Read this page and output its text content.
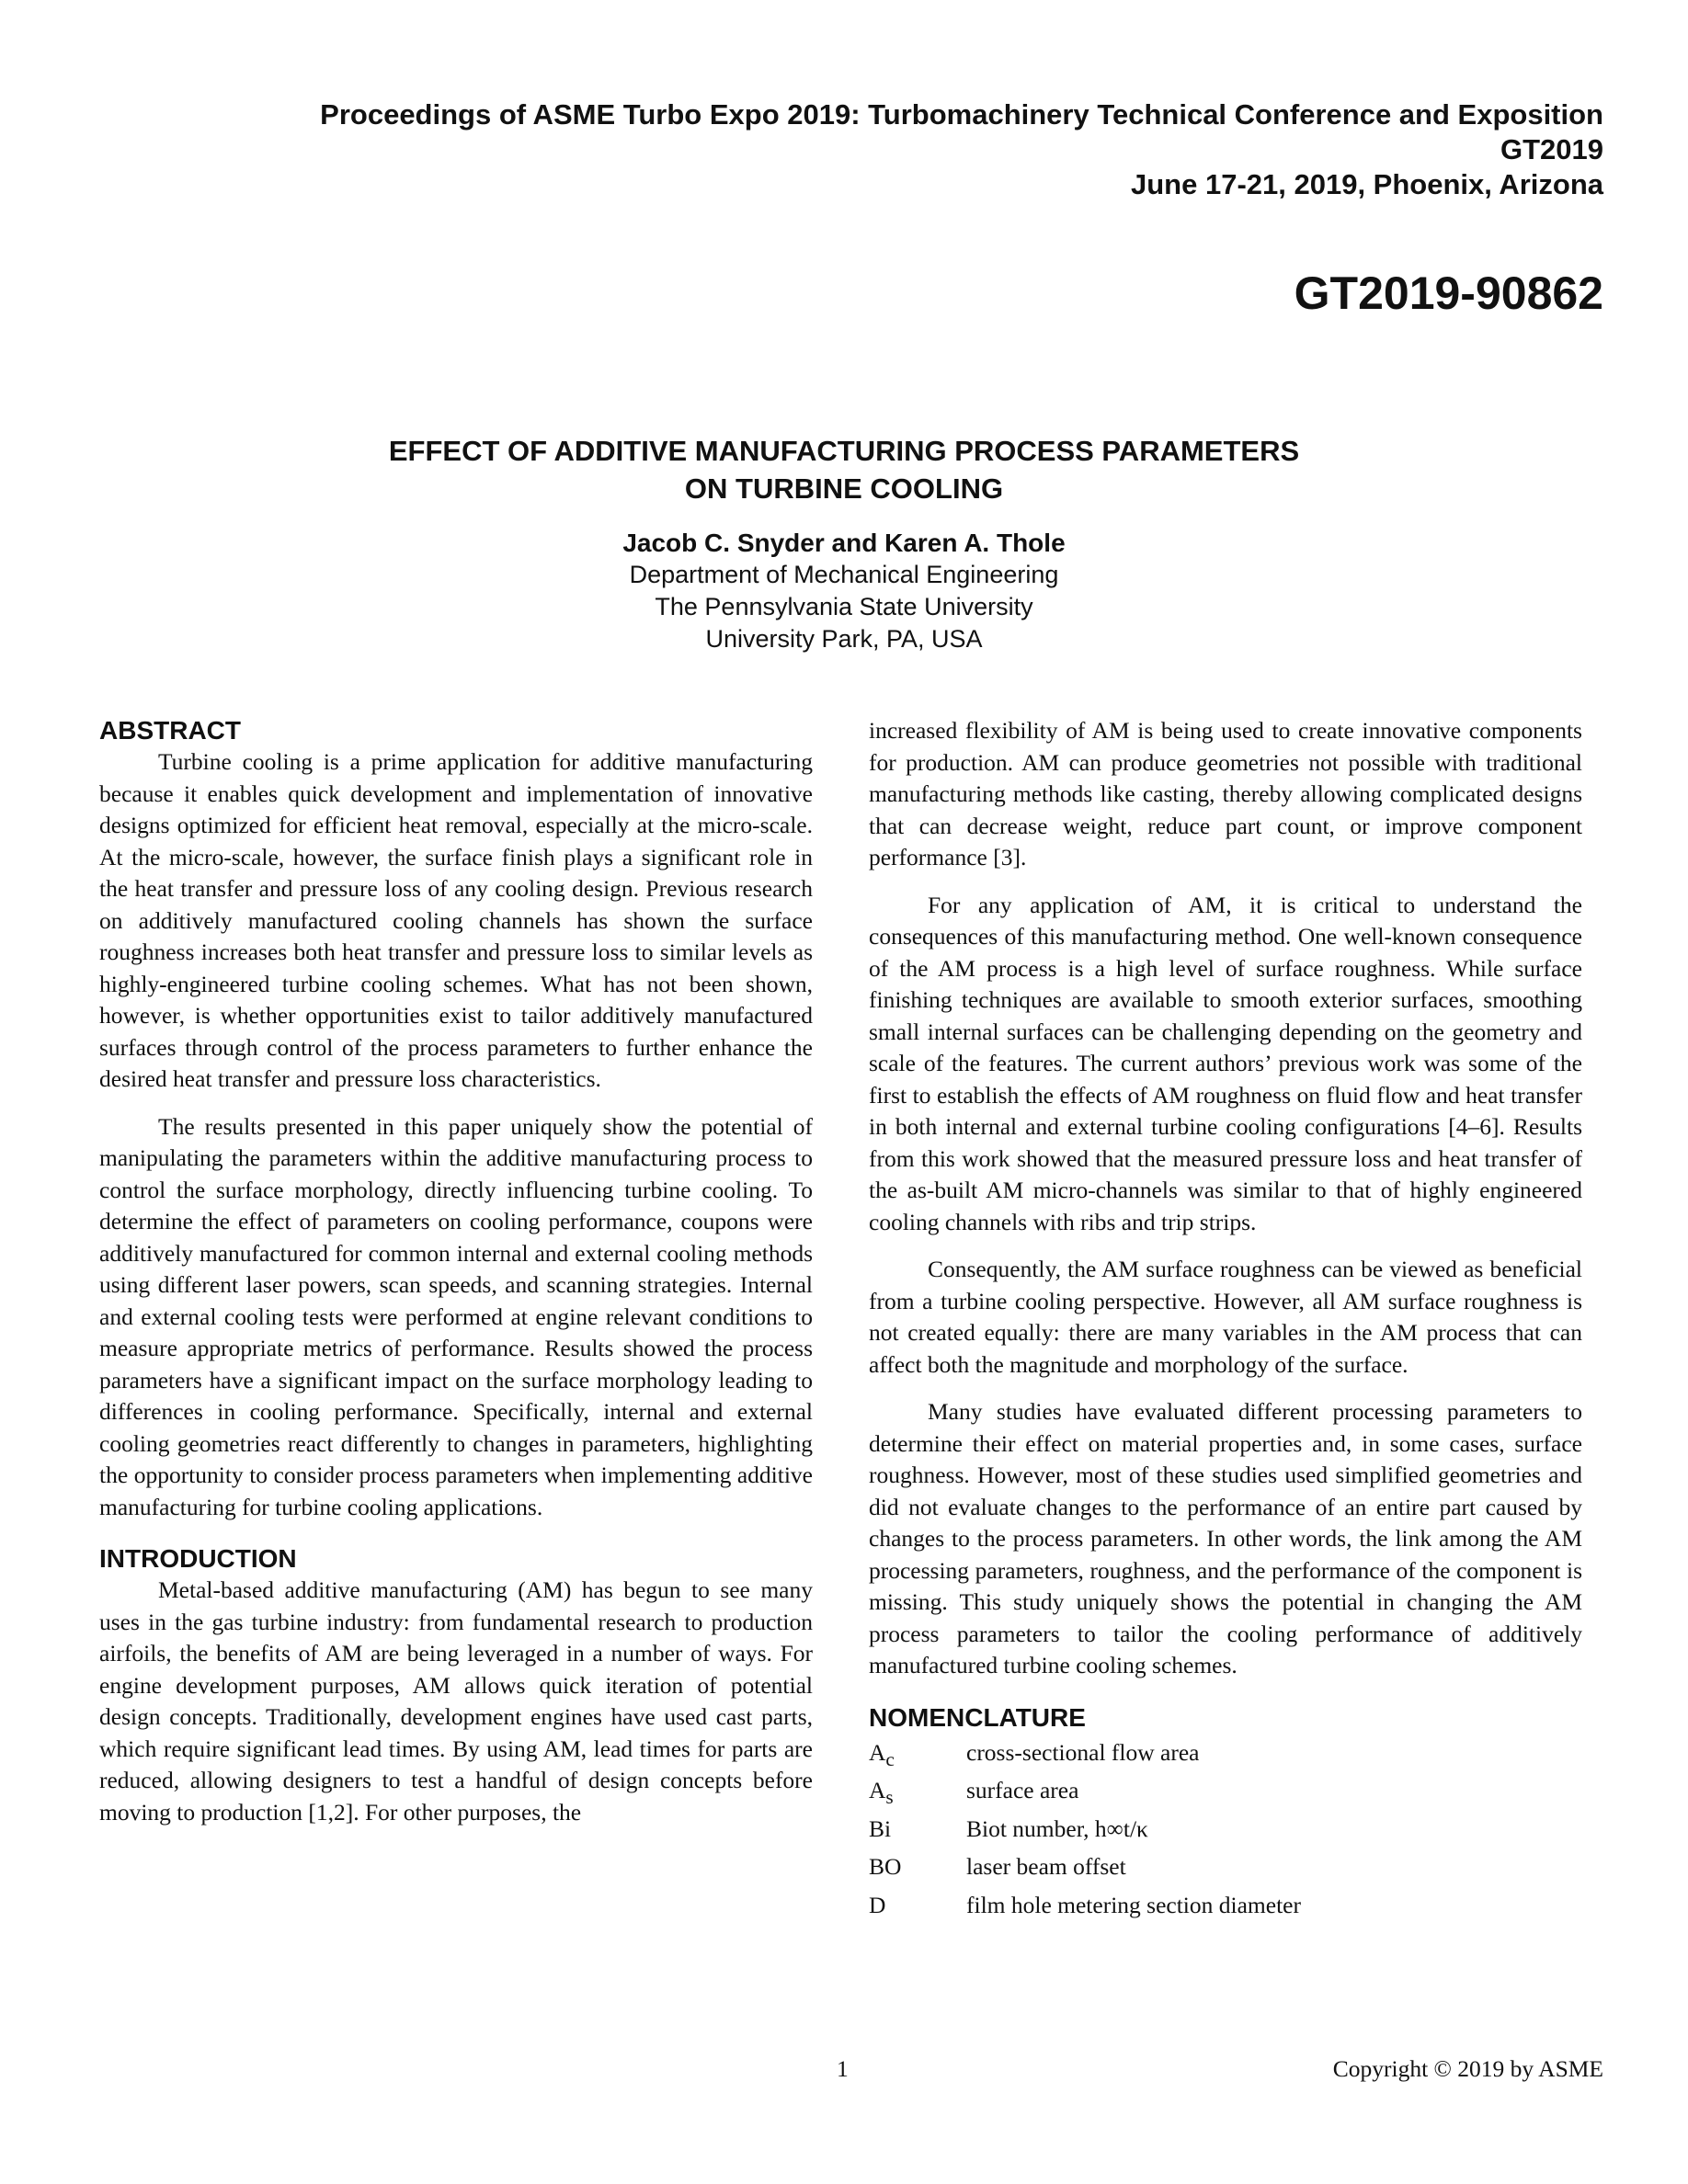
Proceedings of ASME Turbo Expo 2019: Turbomachinery Technical Conference and Exposition
GT2019
June 17-21, 2019, Phoenix, Arizona
GT2019-90862
EFFECT OF ADDITIVE MANUFACTURING PROCESS PARAMETERS
ON TURBINE COOLING
Jacob C. Snyder and Karen A. Thole
Department of Mechanical Engineering
The Pennsylvania State University
University Park, PA, USA
ABSTRACT

Turbine cooling is a prime application for additive manufacturing because it enables quick development and implementation of innovative designs optimized for efficient heat removal, especially at the micro-scale. At the micro-scale, however, the surface finish plays a significant role in the heat transfer and pressure loss of any cooling design. Previous research on additively manufactured cooling channels has shown the surface roughness increases both heat transfer and pressure loss to similar levels as highly-engineered turbine cooling schemes. What has not been shown, however, is whether opportunities exist to tailor additively manufactured surfaces through control of the process parameters to further enhance the desired heat transfer and pressure loss characteristics.

The results presented in this paper uniquely show the potential of manipulating the parameters within the additive manufacturing process to control the surface morphology, directly influencing turbine cooling. To determine the effect of parameters on cooling performance, coupons were additively manufactured for common internal and external cooling methods using different laser powers, scan speeds, and scanning strategies. Internal and external cooling tests were performed at engine relevant conditions to measure appropriate metrics of performance. Results showed the process parameters have a significant impact on the surface morphology leading to differences in cooling performance. Specifically, internal and external cooling geometries react differently to changes in parameters, highlighting the opportunity to consider process parameters when implementing additive manufacturing for turbine cooling applications.

INTRODUCTION

Metal-based additive manufacturing (AM) has begun to see many uses in the gas turbine industry: from fundamental research to production airfoils, the benefits of AM are being leveraged in a number of ways. For engine development purposes, AM allows quick iteration of potential design concepts. Traditionally, development engines have used cast parts, which require significant lead times. By using AM, lead times for parts are reduced, allowing designers to test a handful of design concepts before moving to production [1,2]. For other purposes, the

increased flexibility of AM is being used to create innovative components for production. AM can produce geometries not possible with traditional manufacturing methods like casting, thereby allowing complicated designs that can decrease weight, reduce part count, or improve component performance [3].

For any application of AM, it is critical to understand the consequences of this manufacturing method. One well-known consequence of the AM process is a high level of surface roughness. While surface finishing techniques are available to smooth exterior surfaces, smoothing small internal surfaces can be challenging depending on the geometry and scale of the features. The current authors’ previous work was some of the first to establish the effects of AM roughness on fluid flow and heat transfer in both internal and external turbine cooling configurations [4–6]. Results from this work showed that the measured pressure loss and heat transfer of the as-built AM micro-channels was similar to that of highly engineered cooling channels with ribs and trip strips.

Consequently, the AM surface roughness can be viewed as beneficial from a turbine cooling perspective. However, all AM surface roughness is not created equally: there are many variables in the AM process that can affect both the magnitude and morphology of the surface.

Many studies have evaluated different processing parameters to determine their effect on material properties and, in some cases, surface roughness. However, most of these studies used simplified geometries and did not evaluate changes to the performance of an entire part caused by changes to the process parameters. In other words, the link among the AM processing parameters, roughness, and the performance of the component is missing. This study uniquely shows the potential in changing the AM process parameters to tailor the cooling performance of additively manufactured turbine cooling schemes.

NOMENCLATURE
$A_c$	cross-sectional flow area
$A_s$	surface area
Bi	Biot number, h∞t/κ
BO	laser beam offset
D	film hole metering section diameter
1	Copyright © 2019 by ASME
